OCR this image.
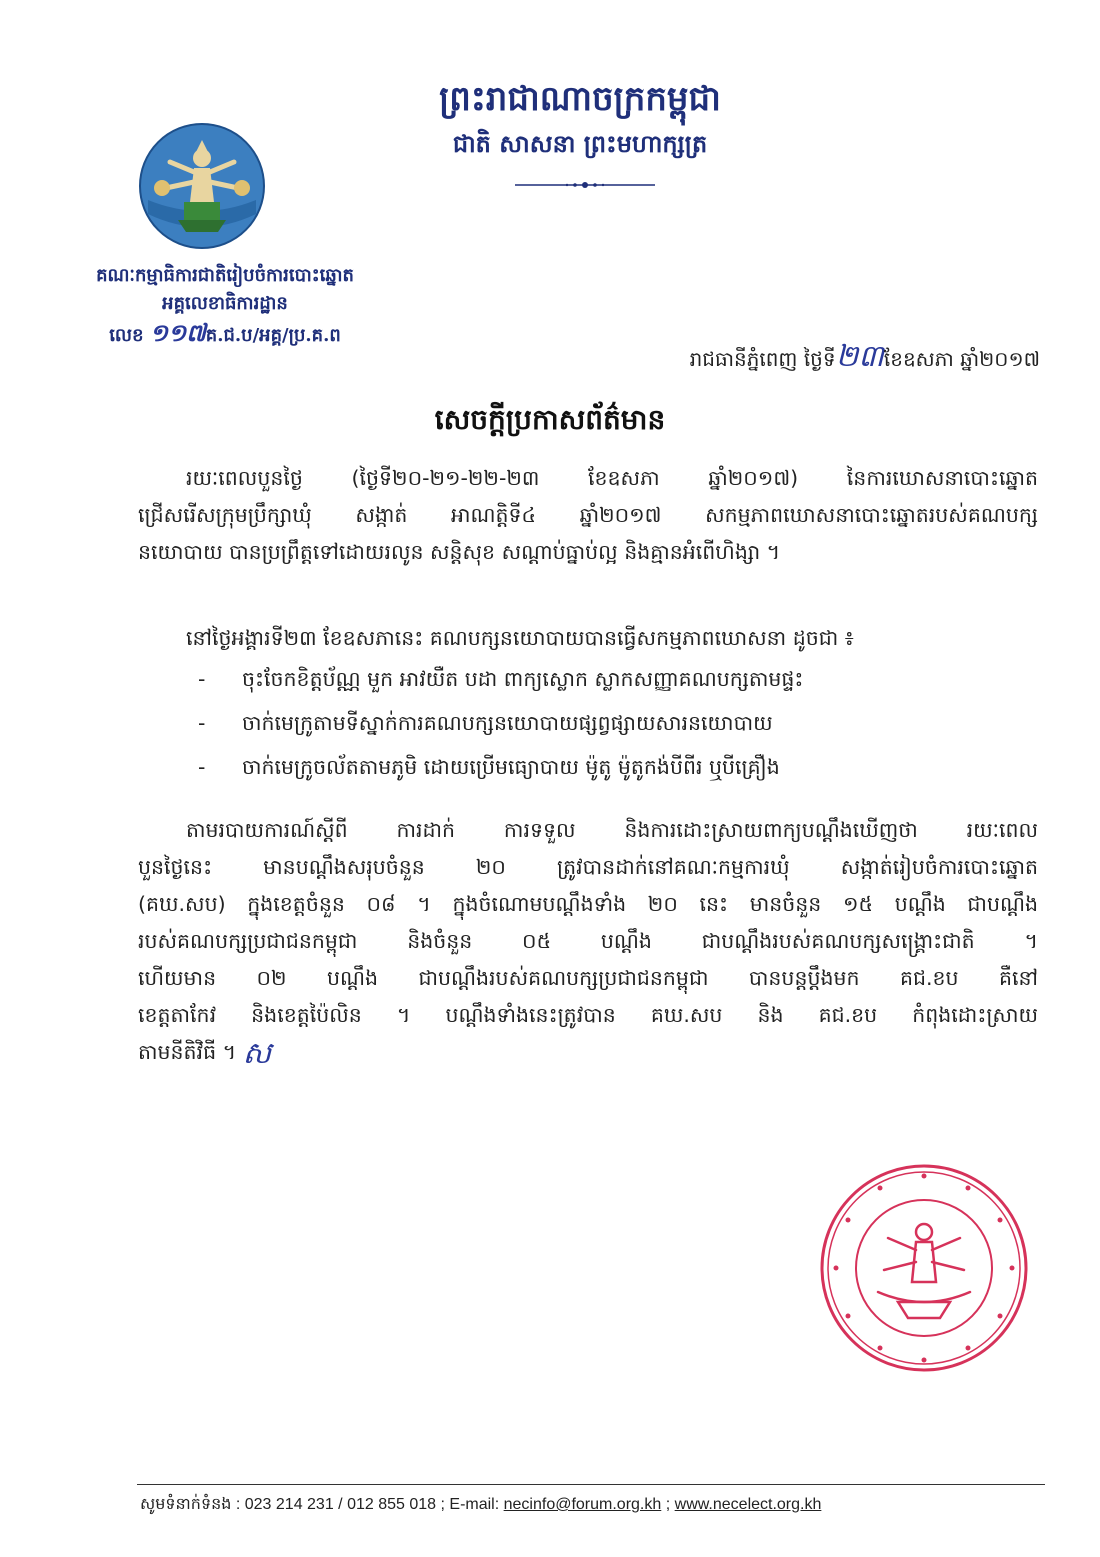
ព្រះរាជាណាចក្រកម្ពុជា
ជាតិ សាសនា ព្រះមហាក្សត្រ
គណៈកម្មាធិការជាតិរៀបចំការបោះឆ្នោត
អគ្គលេខាធិការដ្ឋាន
លេខ ១១៧គ.ជ.ប/អគ្គ/ប្រ.គ.ព
រាជធានីភ្នំពេញ ថ្ងៃទី២៣ខែឧសភា ឆ្នាំ២០១៧
សេចក្តីប្រកាសព័ត៌មាន
រយៈពេលបួនថ្ងៃ (ថ្ងៃទី២០-២១-២២-២៣ ខែឧសភា ឆ្នាំ២០១៧) នៃការឃោសនាបោះឆ្នោត
ជ្រើសរើសក្រុមប្រឹក្សាឃុំ សង្កាត់ អាណត្តិទី៤ ឆ្នាំ២០១៧ សកម្មភាពឃោសនាបោះឆ្នោតរបស់គណបក្ស
នយោបាយ បានប្រព្រឹត្តទៅដោយរលូន សន្តិសុខ សណ្តាប់ធ្នាប់ល្អ និងគ្មានអំពើហិង្សា ។
នៅថ្ងៃអង្គារទី២៣ ខែឧសភានេះ គណបក្សនយោបាយបានធ្វើសកម្មភាពឃោសនា ដូចជា ៖
- ចុះចែកខិត្តប័ណ្ណ មួក អាវយឺត បដា ពាក្យស្លោក ស្លាកសញ្ញាគណបក្សតាមផ្ទះ
- ចាក់មេក្រូតាមទីស្នាក់ការគណបក្សនយោបាយផ្សព្វផ្សាយសារនយោបាយ
- ចាក់មេក្រូចល័តតាមភូមិ ដោយប្រើមធ្យោបាយ ម៉ូតូ ម៉ូតូកង់បីពីរ ឬបីគ្រឿង
តាមរបាយការណ៍ស្តីពី ការដាក់ ការទទួល និងការដោះស្រាយពាក្យបណ្តឹងឃើញថា រយៈពេល
បួនថ្ងៃនេះ មានបណ្តឹងសរុបចំនួន ២០ ត្រូវបានដាក់នៅគណៈកម្មការឃុំ សង្កាត់រៀបចំការបោះឆ្នោត
(គឃ.សប) ក្នុងខេត្តចំនួន ០៨ ។ ក្នុងចំណោមបណ្តឹងទាំង ២០ នេះ មានចំនួន ១៥ បណ្តឹង ជាបណ្តឹង
របស់គណបក្សប្រជាជនកម្ពុជា និងចំនួន ០៥ បណ្តឹង ជាបណ្តឹងរបស់គណបក្សសង្គ្រោះជាតិ ។
ហើយមាន ០២ បណ្តឹង ជាបណ្តឹងរបស់គណបក្សប្រជាជនកម្ពុជា បានបន្តប្តឹងមក គជ.ខប គឺនៅ
ខេត្តតាកែវ និងខេត្តប៉ៃលិន ។ បណ្តឹងទាំងនេះត្រូវបាន គឃ.សប និង គជ.ខប កំពុងដោះស្រាយ
តាមនីតិវិធី ។ ស
សូមទំនាក់ទំនង : 023 214 231 / 012 855 018 ; E-mail: necinfo@forum.org.kh ; www.necelect.org.kh
